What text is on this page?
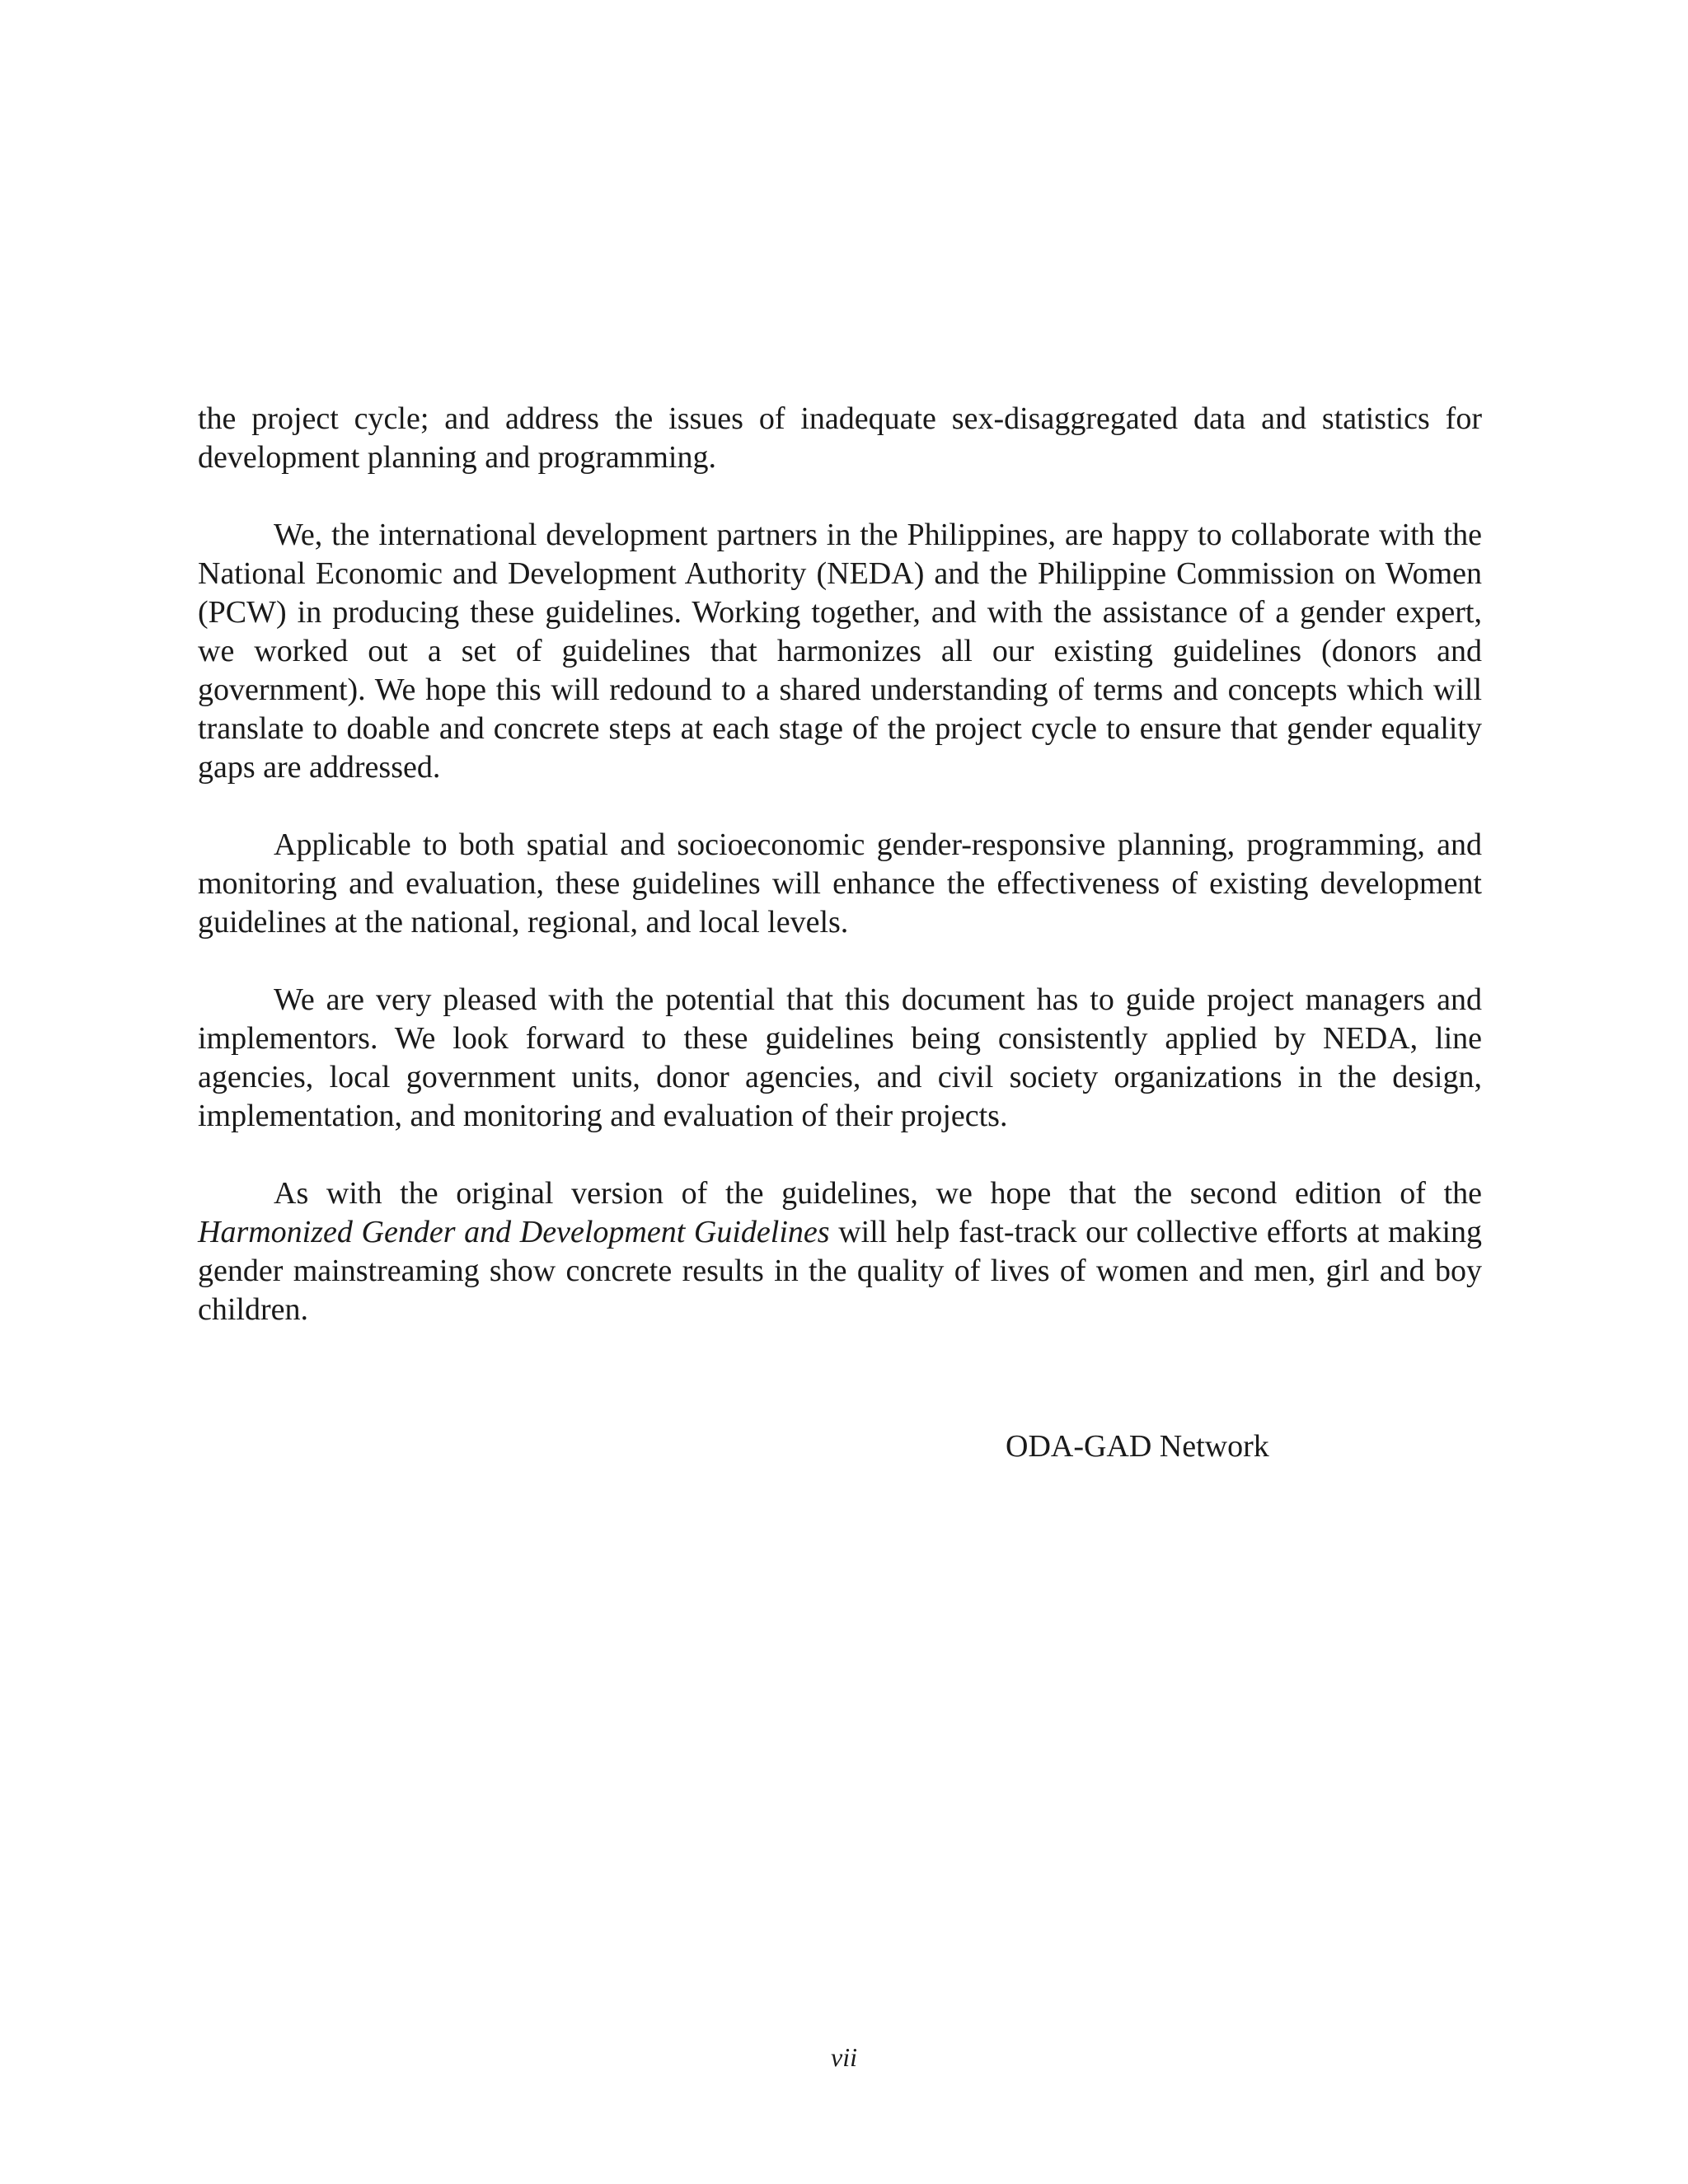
the project cycle; and address the issues of inadequate sex-disaggregated data and statistics for development planning and programming.

We, the international development partners in the Philippines, are happy to collaborate with the National Economic and Development Authority (NEDA) and the Philippine Commission on Women (PCW) in producing these guidelines. Working together, and with the assistance of a gender expert, we worked out a set of guidelines that harmonizes all our existing guidelines (donors and government). We hope this will redound to a shared understanding of terms and concepts which will translate to doable and concrete steps at each stage of the project cycle to ensure that gender equality gaps are addressed.

Applicable to both spatial and socioeconomic gender-responsive planning, programming, and monitoring and evaluation, these guidelines will enhance the effectiveness of existing development guidelines at the national, regional, and local levels.

We are very pleased with the potential that this document has to guide project managers and implementors. We look forward to these guidelines being consistently applied by NEDA, line agencies, local government units, donor agencies, and civil society organizations in the design, implementation, and monitoring and evaluation of their projects.

As with the original version of the guidelines, we hope that the second edition of the Harmonized Gender and Development Guidelines will help fast-track our collective efforts at making gender mainstreaming show concrete results in the quality of lives of women and men, girl and boy children.

ODA-GAD Network
vii
